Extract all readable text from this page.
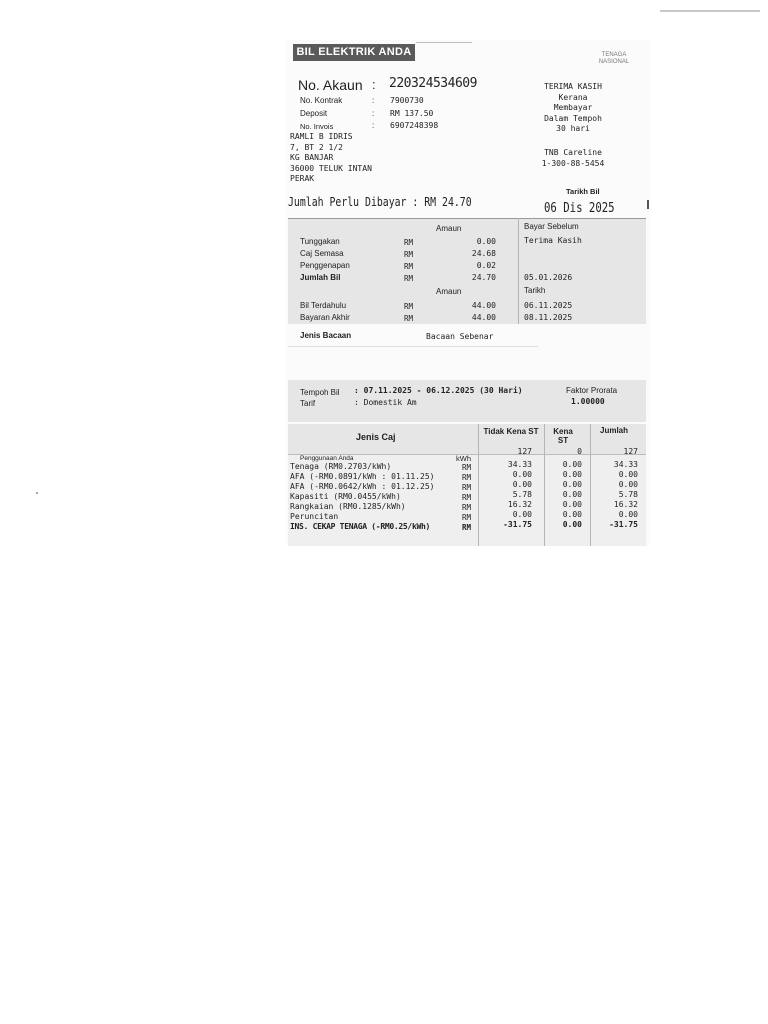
BIL ELEKTRIK ANDA	TENAGA NASIONAL
No. Akaun : 220324534609
No. Kontrak	: 7900730
Deposit	: RM 137.50
No. Invois	: 6907248398
RAMLI B IDRIS
7, BT 2 1/2
KG BANJAR
36000 TELUK INTAN
PERAK
TERIMA KASIH
Kerana
Membayar
Dalam Tempoh
30 hari
TNB Careline
1-300-88-5454
Tarikh Bil
Jumlah Perlu Dibayar : RM 24.70	06 Dis 2025
Amaun	Bayar Sebelum
Terima Kasih
Tunggakan	RM	0.00
Caj Semasa	RM	24.68
Penggenapan	RM	0.02
Jumlah Bil	RM	24.70	05.01.2026
Amaun	Tarikh
Bil Terdahulu	RM	44.00	06.11.2025
Bayaran Akhir	RM	44.00	08.11.2025
Jenis Bacaan	Bacaan Sebenar
Tempoh Bil : 07.11.2025 - 06.12.2025 (30 Hari)
Tarif	: Domestik Am
Faktor Prorata
1.00000
Jenis Caj
Tidak Kena ST	Kena ST
Jumlah
Penggunaan Anda	kWh
127	0	127
Tenaga (RM0.2703/kWh)	RM	34.33	0.00	34.33
AFA (-RM0.0891/kWh : 01.11.25)	RM	0.00	0.00	0.00
AFA (-RM0.0642/kWh : 01.12.25)	RM	0.00	0.00	0.00
Kapasiti (RM0.0455/kWh)	RM	5.78	0.00	5.78
Rangkaian (RM0.1285/kWh)	RM	16.32	0.00	16.32
Peruncitan	RM	0.00	0.00	0.00
INS. CEKAP TENAGA (-RM0.25/kWh)	RM	-31.75	0.00	-31.75
